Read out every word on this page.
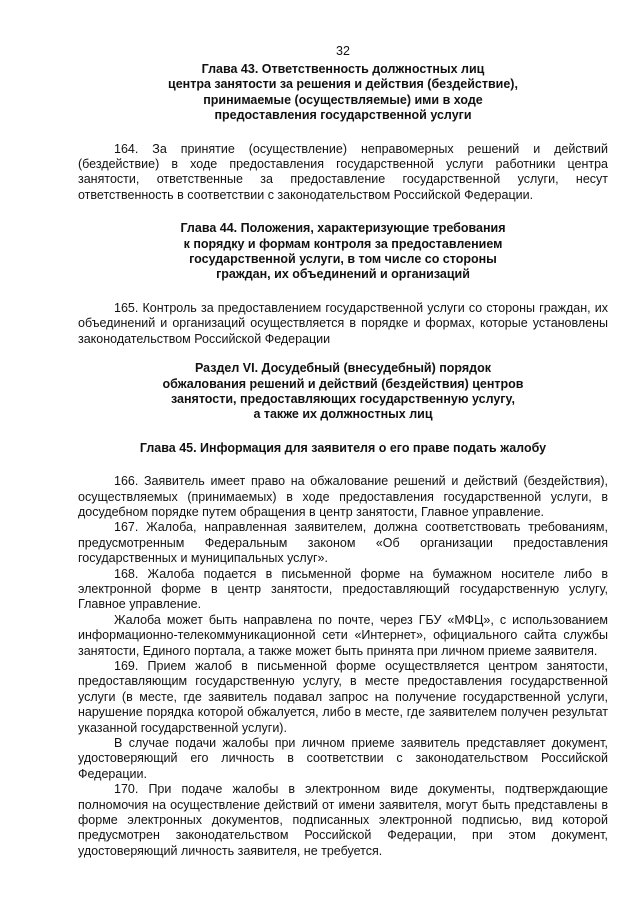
32
Глава 43. Ответственность должностных лиц
центра занятости за решения и действия (бездействие),
принимаемые (осуществляемые) ими в ходе
предоставления государственной услуги

164. За принятие (осуществление) неправомерных решений и действий (бездействие) в ходе предоставления государственной услуги работники центра занятости, ответственные за предоставление государственной услуги, несут ответственность в соответствии с законодательством Российской Федерации.

Глава 44. Положения, характеризующие требования
к порядку и формам контроля за предоставлением
государственной услуги, в том числе со стороны
граждан, их объединений и организаций

165. Контроль за предоставлением государственной услуги со стороны граждан, их объединений и организаций осуществляется в порядке и формах, которые установлены законодательством Российской Федерации

Раздел VI. Досудебный (внесудебный) порядок
обжалования решений и действий (бездействия) центров
занятости, предоставляющих государственную услугу,
а также их должностных лиц
Глава 45. Информация для заявителя о его праве подать жалобу

166. Заявитель имеет право на обжалование решений и действий (бездействия), осуществляемых (принимаемых) в ходе предоставления государственной услуги, в досудебном порядке путем обращения в центр занятости, Главное управление.

167. Жалоба, направленная заявителем, должна соответствовать требованиям, предусмотренным Федеральным законом «Об организации предоставления государственных и муниципальных услуг».

168. Жалоба подается в письменной форме на бумажном носителе либо в электронной форме в центр занятости, предоставляющий государственную услугу, Главное управление.

Жалоба может быть направлена по почте, через ГБУ «МФЦ», с использованием информационно-телекоммуникационной сети «Интернет», официального сайта службы занятости, Единого портала, а также может быть принята при личном приеме заявителя.

169. Прием жалоб в письменной форме осуществляется центром занятости, предоставляющим государственную услугу, в месте предоставления государственной услуги (в месте, где заявитель подавал запрос на получение государственной услуги, нарушение порядка которой обжалуется, либо в месте, где заявителем получен результат указанной государственной услуги).

В случае подачи жалобы при личном приеме заявитель представляет документ, удостоверяющий его личность в соответствии с законодательством Российской Федерации.

170. При подаче жалобы в электронном виде документы, подтверждающие полномочия на осуществление действий от имени заявителя, могут быть представлены в форме электронных документов, подписанных электронной подписью, вид которой предусмотрен законодательством Российской Федерации, при этом документ, удостоверяющий личность заявителя, не требуется.
